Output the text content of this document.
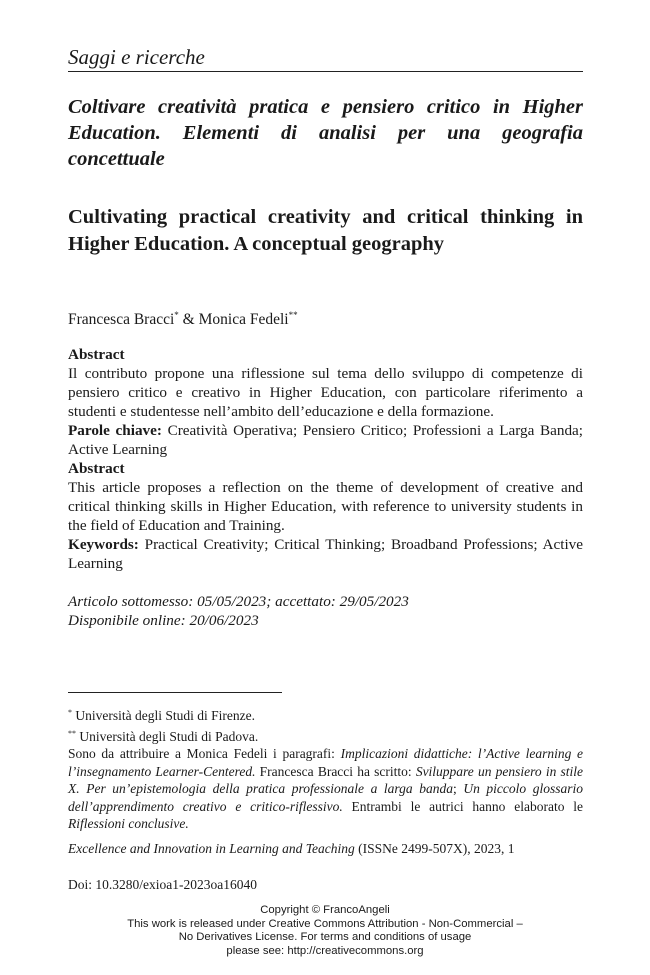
Saggi e ricerche
Coltivare creatività pratica e pensiero critico in Higher Education. Elementi di analisi per una geografia concettuale
Cultivating practical creativity and critical thinking in Higher Education. A conceptual geography
Francesca Bracci* & Monica Fedeli**
Abstract

Il contributo propone una riflessione sul tema dello sviluppo di competenze di pensiero critico e creativo in Higher Education, con particolare riferimento a studenti e studentesse nell’ambito dell’educazione e della formazione.

Parole chiave: Creatività Operativa; Pensiero Critico; Professioni a Larga Banda; Active Learning

Abstract

This article proposes a reflection on the theme of development of creative and critical thinking skills in Higher Education, with reference to university students in the field of Education and Training.

Keywords: Practical Creativity; Critical Thinking; Broadband Professions; Active Learning

Articolo sottomesso: 05/05/2023; accettato: 29/05/2023
Disponibile online: 20/06/2023

* Università degli Studi di Firenze.

** Università degli Studi di Padova.

Sono da attribuire a Monica Fedeli i paragrafi: Implicazioni didattiche: l’Active learning e l’insegnamento Learner-Centered. Francesca Bracci ha scritto: Sviluppare un pensiero in stile X. Per un’epistemologia della pratica professionale a larga banda; Un piccolo glossario dell’apprendimento creativo e critico-riflessivo. Entrambi le autrici hanno elaborato le Riflessioni conclusive.

Excellence and Innovation in Learning and Teaching (ISSNe 2499-507X), 2023, 1
Doi: 10.3280/exioa1-2023oa16040
Copyright © FrancoAngeli
This work is released under Creative Commons Attribution - Non-Commercial –
No Derivatives License. For terms and conditions of usage
please see: http://creativecommons.org
